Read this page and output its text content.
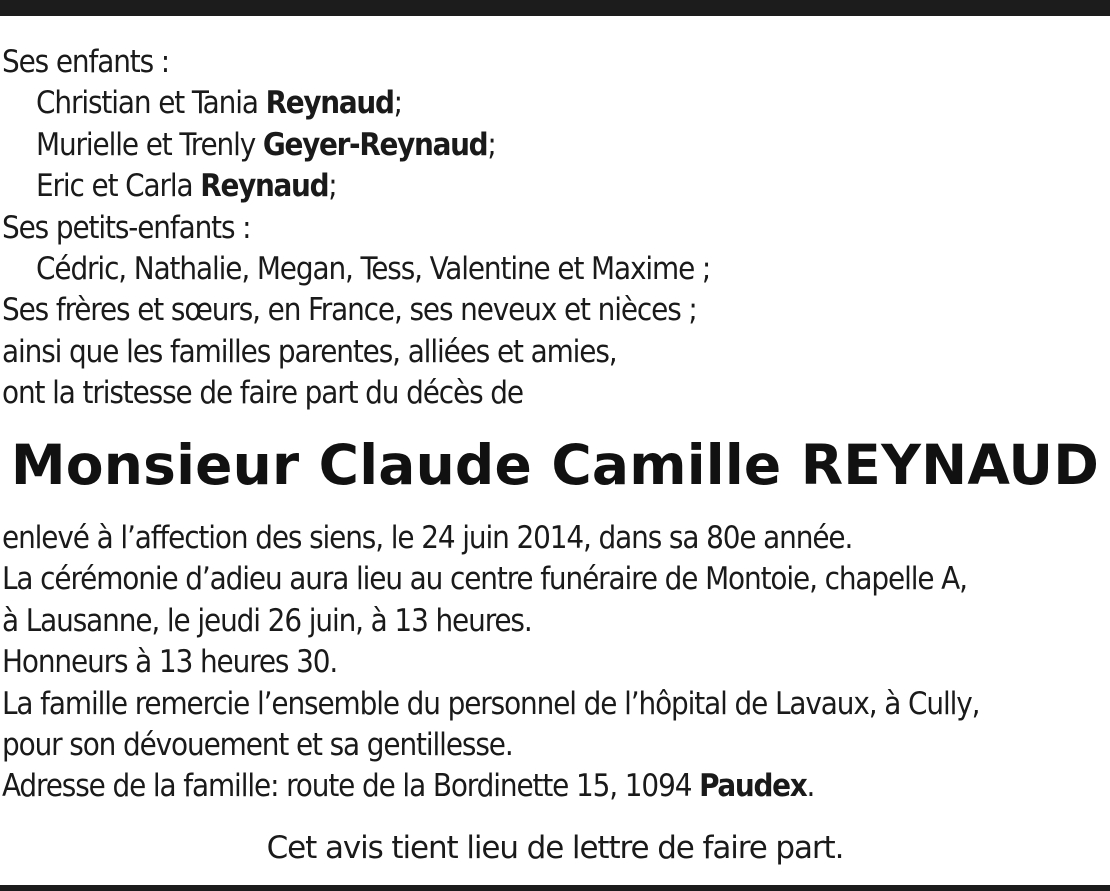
Ses enfants :
Christian et Tania Reynaud;
Murielle et Trenly Geyer-Reynaud;
Eric et Carla Reynaud;
Ses petits-enfants :
Cédric, Nathalie, Megan, Tess, Valentine et Maxime ;
Ses frères et sœurs, en France, ses neveux et nièces ;
ainsi que les familles parentes, alliées et amies,
ont la tristesse de faire part du décès de
Monsieur Claude Camille REYNAUD
enlevé à l’affection des siens, le 24 juin 2014, dans sa 80e année.
La cérémonie d’adieu aura lieu au centre funéraire de Montoie, chapelle A,
à Lausanne, le jeudi 26 juin, à 13 heures.
Honneurs à 13 heures 30.
La famille remercie l’ensemble du personnel de l’hôpital de Lavaux, à Cully,
pour son dévouement et sa gentillesse.
Adresse de la famille: route de la Bordinette 15, 1094 Paudex.
Cet avis tient lieu de lettre de faire part.
